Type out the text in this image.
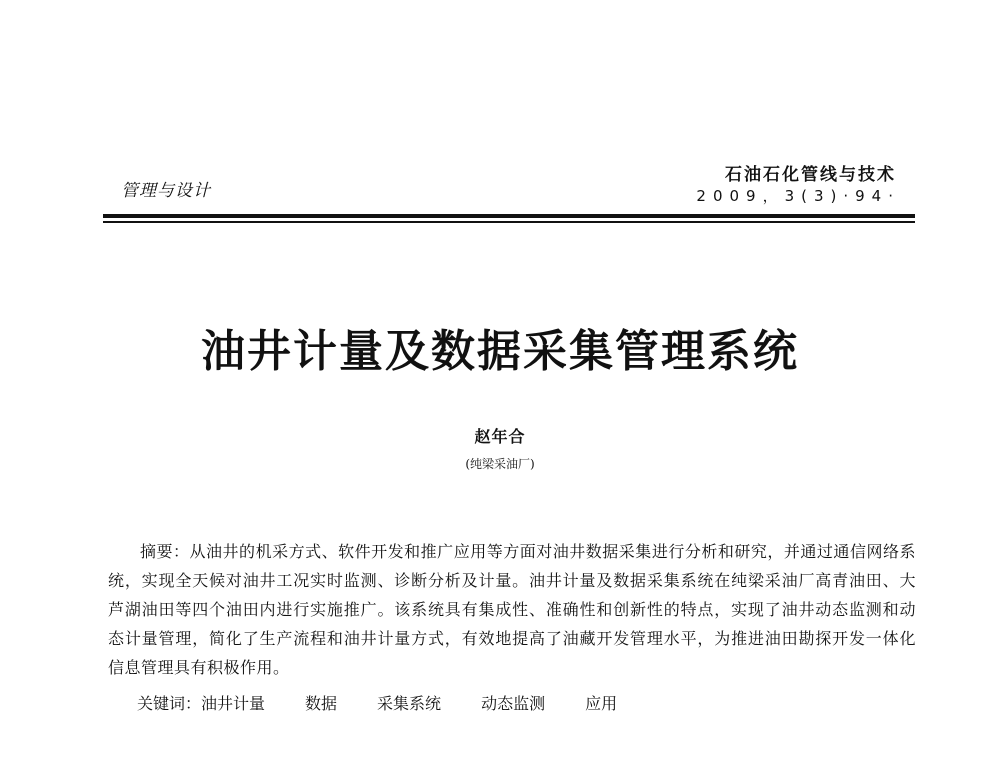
管理与设计
石油石化管线与技术
2009，3(3)·94·
油井计量及数据采集管理系统
赵年合
(纯梁采油厂)
摘要：从油井的机采方式、软件开发和推广应用等方面对油井数据采集进行分析和研究，并通过通信网络系统，实现全天候对油井工况实时监测、诊断分析及计量。油井计量及数据采集系统在纯梁采油厂高青油田、大芦湖油田等四个油田内进行实施推广。该系统具有集成性、准确性和创新性的特点，实现了油井动态监测和动态计量管理，简化了生产流程和油井计量方式，有效地提高了油藏开发管理水平，为推进油田勘探开发一体化信息管理具有积极作用。
关键词：油井计量	数据	采集系统	动态监测	应用
